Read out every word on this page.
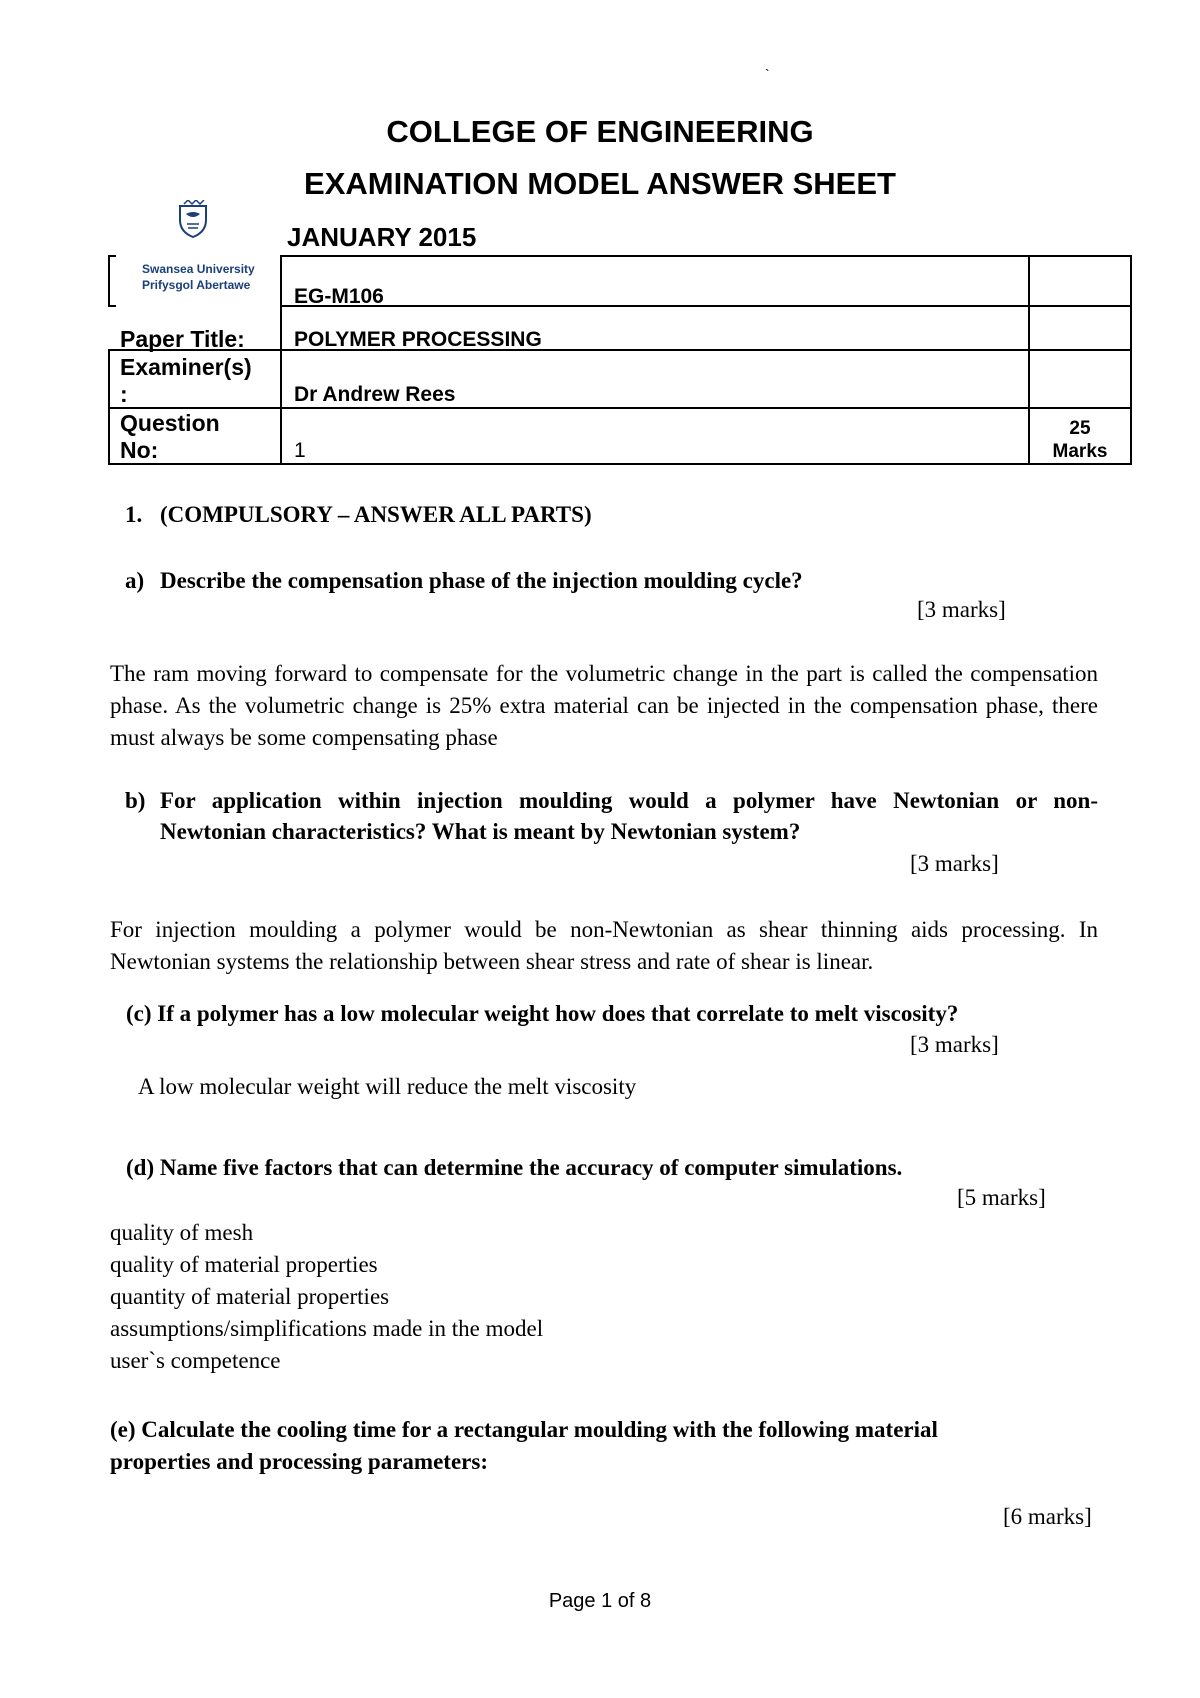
`
COLLEGE OF ENGINEERING
EXAMINATION MODEL ANSWER SHEET
JANUARY 2015
Swansea University
Prifysgol Abertawe EG-M106
Paper Title: POLYMER PROCESSING
Examiner(s)
:	Dr Andrew Rees
Question
No:	1
25
Marks
1. (COMPULSORY – ANSWER ALL PARTS)
a) Describe the compensation phase of the injection moulding cycle?
[3 marks]
The ram moving forward to compensate for the volumetric change in the part is called the compensation phase. As the volumetric change is 25% extra material can be injected in the compensation phase, there must always be some compensating phase
b) For application within injection moulding would a polymer have Newtonian or non-
Newtonian characteristics? What is meant by Newtonian system?
[3 marks]
For injection moulding a polymer would be non-Newtonian as shear thinning aids processing. In Newtonian systems the relationship between shear stress and rate of shear is linear.
(c) If a polymer has a low molecular weight how does that correlate to melt viscosity?
[3 marks]
A low molecular weight will reduce the melt viscosity
(d) Name five factors that can determine the accuracy of computer simulations.
[5 marks]
quality of mesh
quality of material properties
quantity of material properties
assumptions/simplifications made in the model
user`s competence
(e) Calculate the cooling time for a rectangular moulding with the following material
properties and processing parameters:
[6 marks]
Page 1 of 8
